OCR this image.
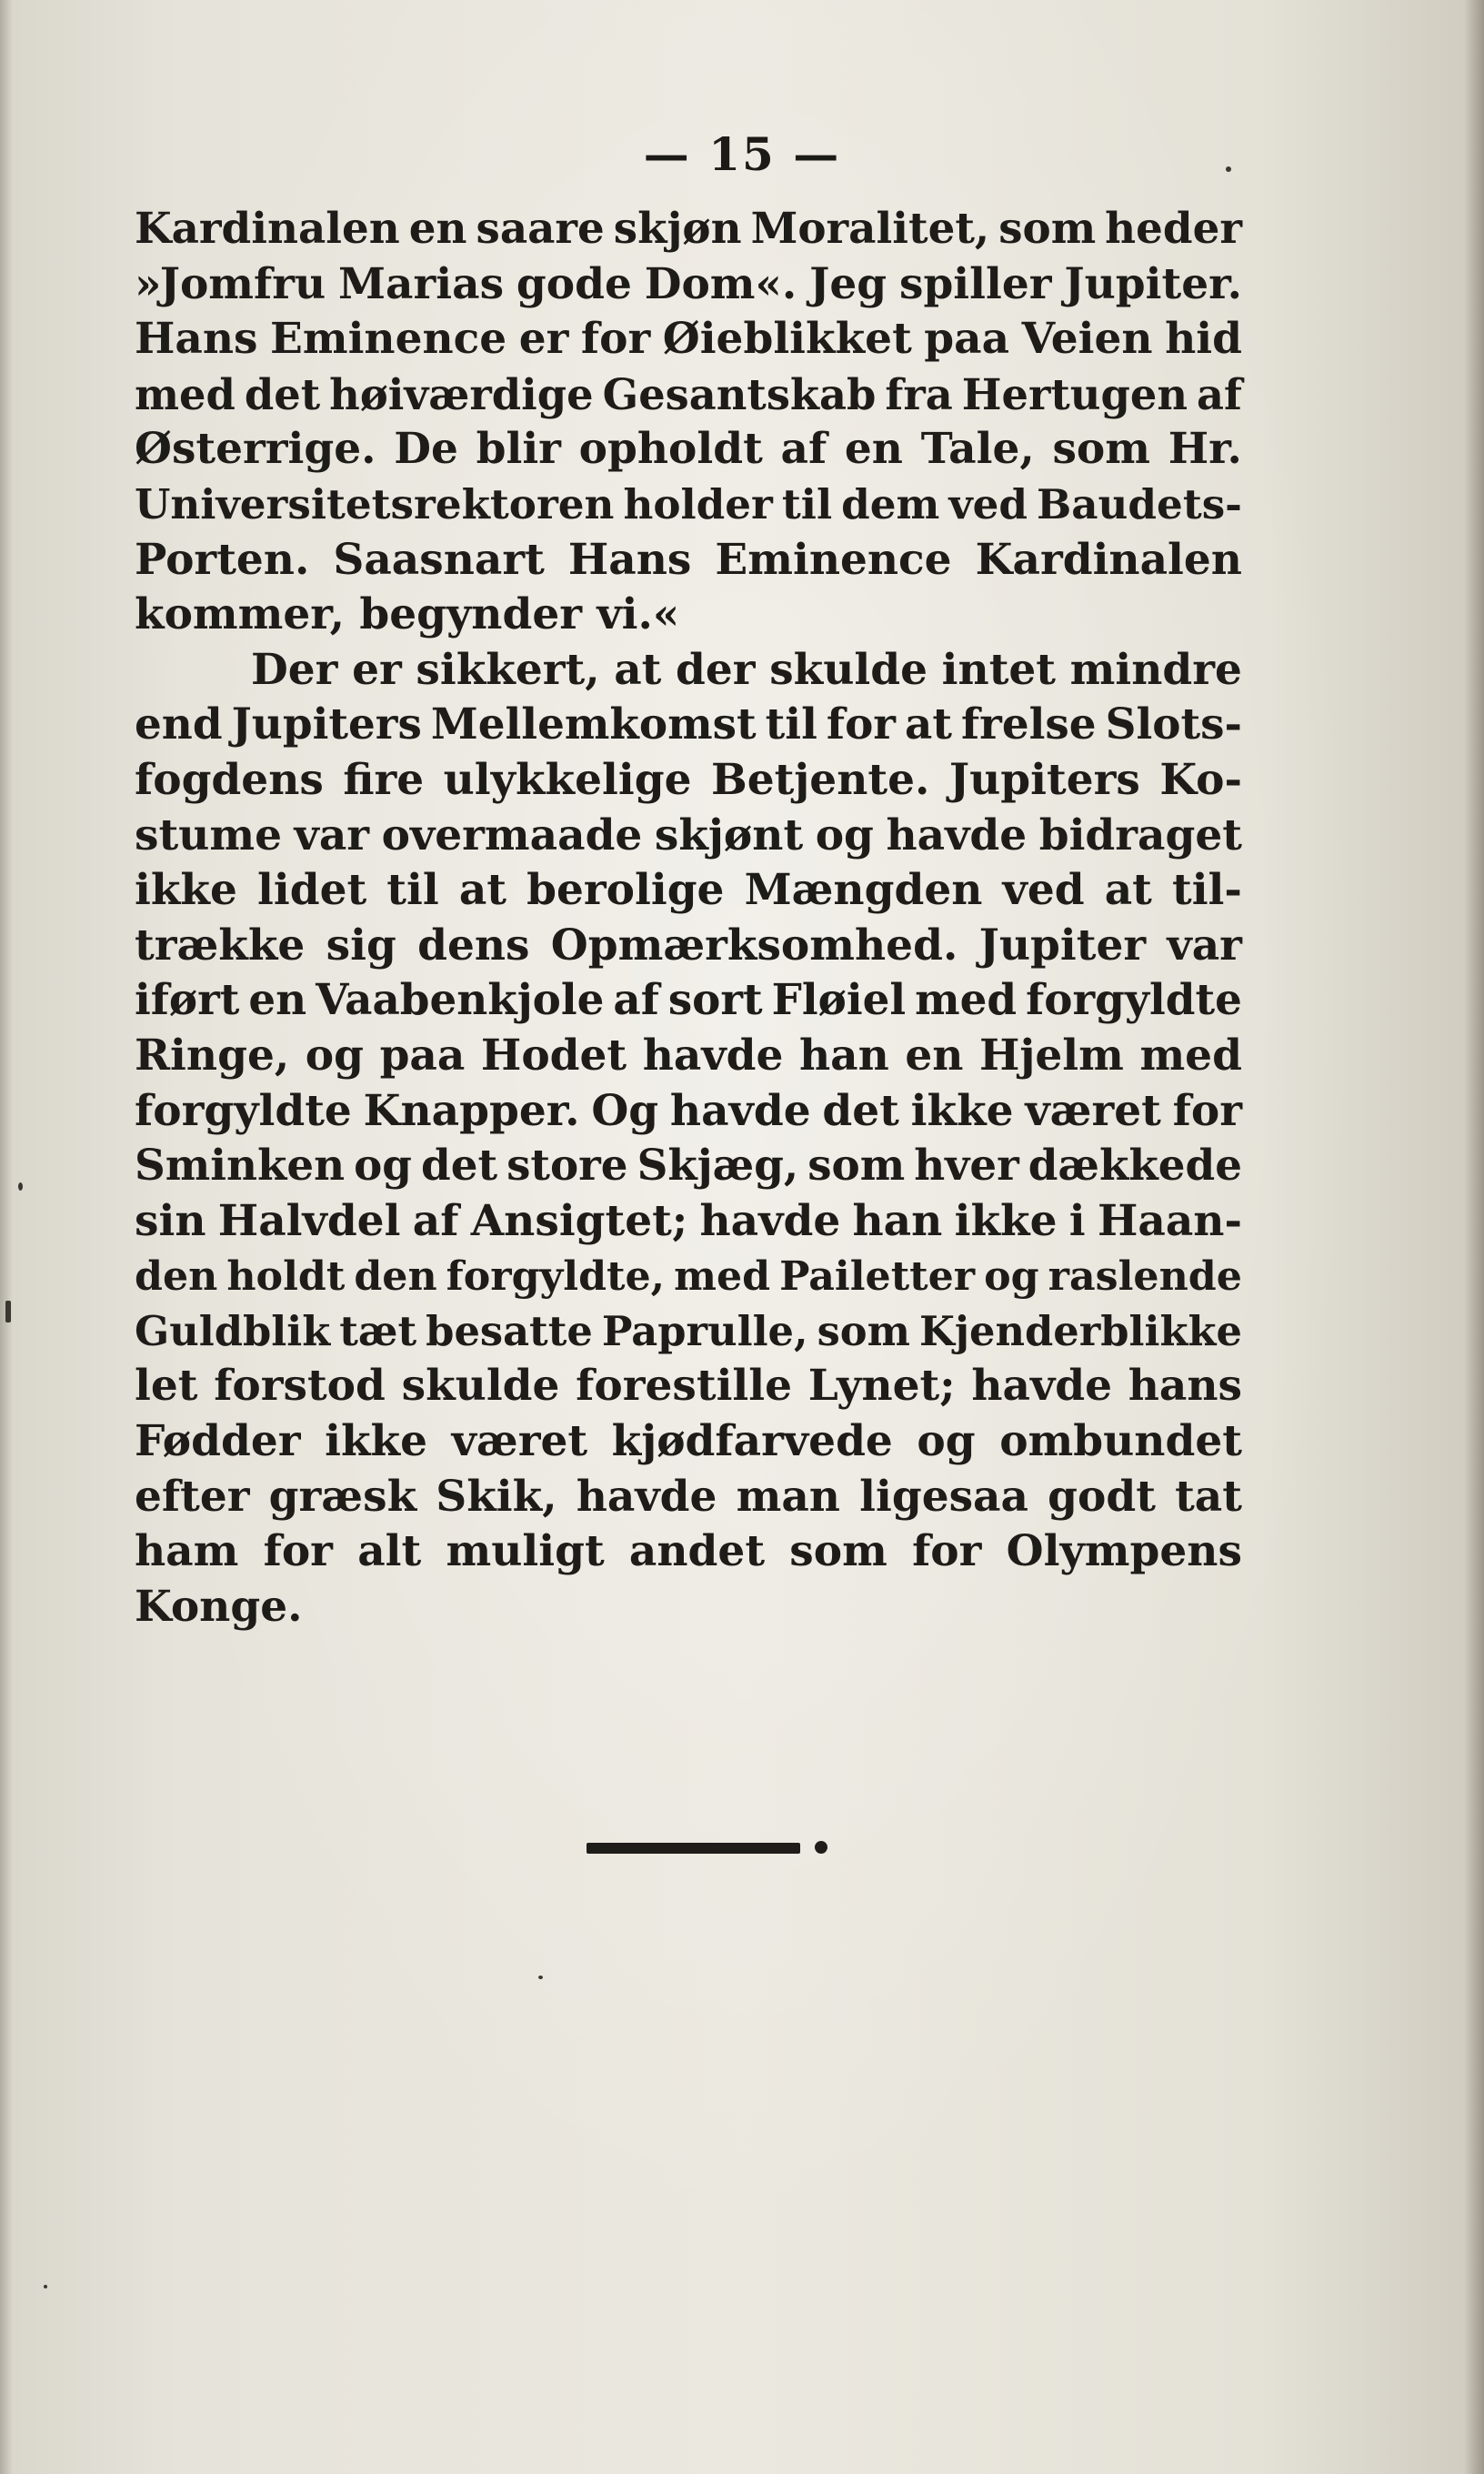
— 15 —
Kardinalen en saare skjøn Moralitet, som heder
»Jomfru Marias gode Dom«. Jeg spiller Jupiter.
Hans Eminence er for Øieblikket paa Veien hid
med det høiværdige Gesantskab fra Hertugen af
Østerrige. De blir opholdt af en Tale, som Hr.
Universitetsrektoren holder til dem ved Baudets-
Porten. Saasnart Hans Eminence Kardinalen
kommer, begynder vi.«
Der er sikkert, at der skulde intet mindre
end Jupiters Mellemkomst til for at frelse Slots-
fogdens fire ulykkelige Betjente. Jupiters Ko-
stume var overmaade skjønt og havde bidraget
ikke lidet til at berolige Mængden ved at til-
trække sig dens Opmærksomhed. Jupiter var
iført en Vaabenkjole af sort Fløiel med forgyldte
Ringe, og paa Hodet havde han en Hjelm med
forgyldte Knapper. Og havde det ikke været for
Sminken og det store Skjæg, som hver dækkede
sin Halvdel af Ansigtet; havde han ikke i Haan-
den holdt den forgyldte, med Pailetter og raslende
Guldblik tæt besatte Paprulle, som Kjenderblikke
let forstod skulde forestille Lynet; havde hans
Fødder ikke været kjødfarvede og ombundet
efter græsk Skik, havde man ligesaa godt tat
ham for alt muligt andet som for Olympens
Konge.
